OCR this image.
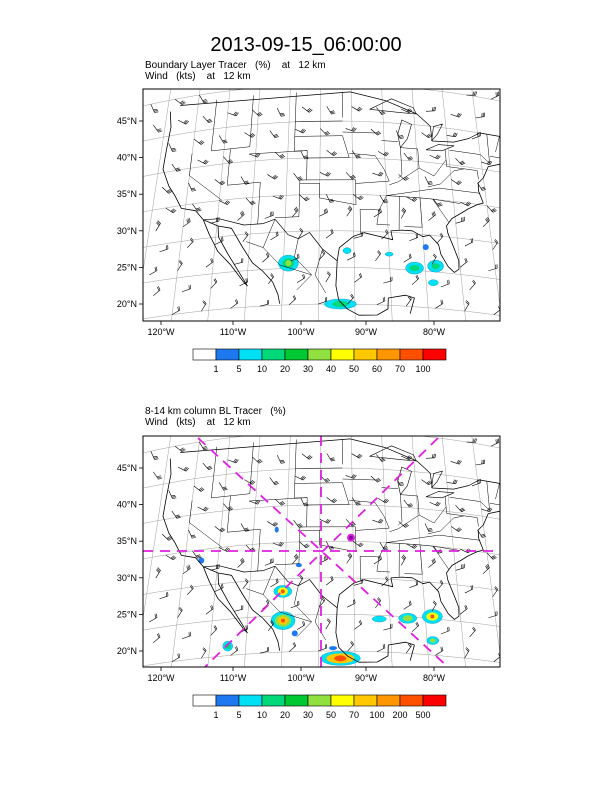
2013-09-15_06:00:00
Boundary Layer Tracer   (%)    at   12 km
Wind   (kts)    at   12 km
8-14 km column BL Tracer   (%)
Wind   (kts)    at   12 km
45°N
40°N
35°N
30°N
25°N
20°N
120°W	110°W	100°W	90°W	80°W
1 5 10 20 30 40 50 60 70 100
45°N
40°N
35°N
30°N
25°N
20°N
120°W	110°W	100°W	90°W	80°W
1 5 10 20 30 50 70 100 200 500
